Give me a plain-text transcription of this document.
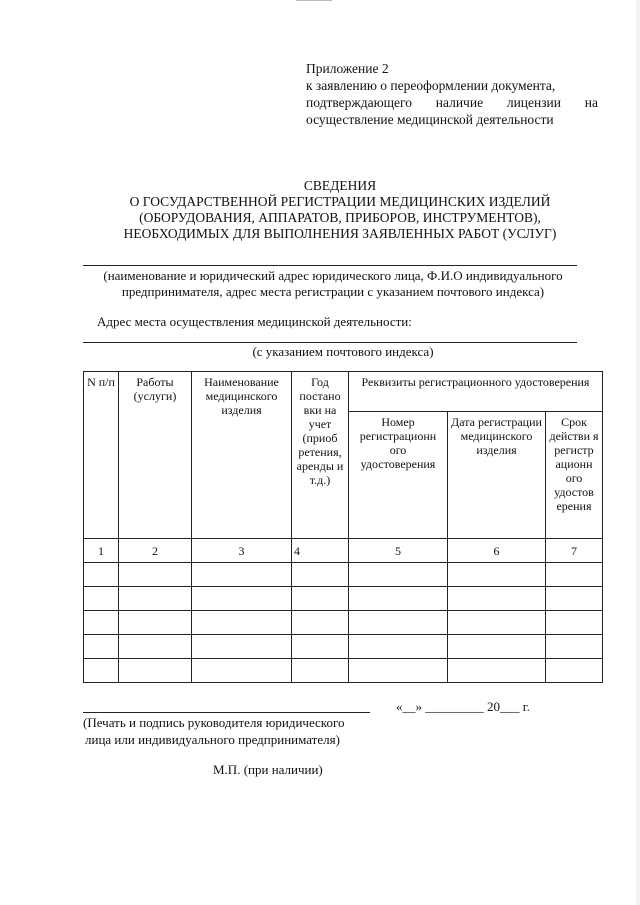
Приложение 2
к заявлению о переоформлении документа,
подтверждающего наличие лицензии на
осуществление медицинской деятельности
СВЕДЕНИЯ
О ГОСУДАРСТВЕННОЙ РЕГИСТРАЦИИ МЕДИЦИНСКИХ ИЗДЕЛИЙ
(ОБОРУДОВАНИЯ, АППАРАТОВ, ПРИБОРОВ, ИНСТРУМЕНТОВ),
НЕОБХОДИМЫХ ДЛЯ ВЫПОЛНЕНИЯ ЗАЯВЛЕННЫХ РАБОТ (УСЛУГ)
(наименование и юридический адрес юридического лица, Ф.И.О индивидуального
предпринимателя, адрес места регистрации с указанием почтового индекса)
Адрес места осуществления медицинской деятельности:
(с указанием почтового индекса)
N п/п	Работы (услуги)	Наименование медицинского изделия	Год постано вки на учет (приоб ретения, аренды и т.д.)	Реквизиты регистрационного удостоверения		
				Номер регистрационн ого удостоверения	Дата регистрации медицинского изделия	Срок действи я регистр ационн ого удостов ерения
1	2	3	4	5	6	7

«__» _________ 20___ г.
(Печать и подпись руководителя юридического
лица или индивидуального предпринимателя)
М.П. (при наличии)
